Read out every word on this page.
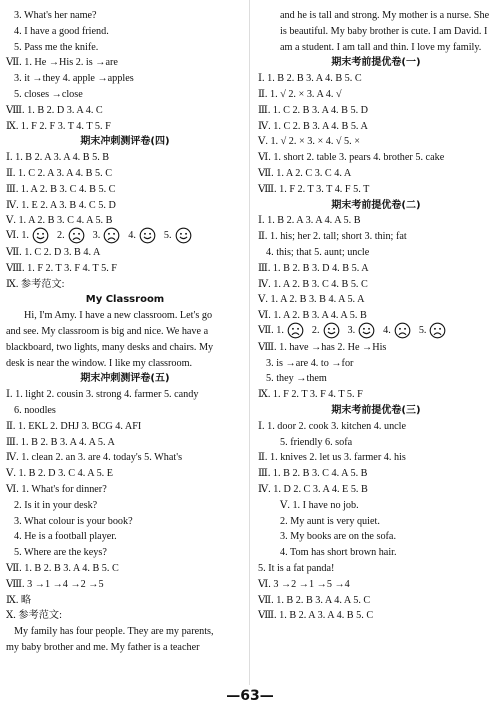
3. What's her name?
4. I have a good friend.
5. Pass me the knife.
Ⅶ. 1. He →His 2. is →are
3. it →they 4. apple →apples
5. closes →close
Ⅷ. 1. B 2. D 3. A 4. C
Ⅸ. 1. F 2. F 3. T 4. T 5. F
期末冲刺测评卷(四)
Ⅰ. 1. B 2. A 3. A 4. B 5. B
Ⅱ. 1. C 2. A 3. A 4. B 5. C
Ⅲ. 1. A 2. B 3. C 4. B 5. C
Ⅳ. 1. E 2. A 3. B 4. C 5. D
Ⅴ. 1. A 2. B 3. C 4. A 5. B
Ⅵ. 1.	2.	3.	4.	5.
Ⅶ. 1. C 2. D 3. B 4. A
Ⅷ. 1. F 2. T 3. F 4. T 5. F
Ⅸ. 参考范文:
My Classroom
Hi, I'm Amy. I have a new classroom. Let's go
and see. My classroom is big and nice. We have a
blackboard, two lights, many desks and chairs. My
desk is near the window. I like my classroom.
期末冲刺测评卷(五)
Ⅰ. 1. light 2. cousin 3. strong 4. farmer 5. candy
6. noodles
Ⅱ. 1. EKL 2. DHJ 3. BCG 4. AFI
Ⅲ. 1. B 2. B 3. A 4. A 5. A
Ⅳ. 1. clean 2. an 3. are 4. today's 5. What's
Ⅴ. 1. B 2. D 3. C 4. A 5. E
Ⅵ. 1. What's for dinner?
2. Is it in your desk?
3. What colour is your book?
4. He is a football player.
5. Where are the keys?
Ⅶ. 1. B 2. B 3. A 4. B 5. C
Ⅷ. 3 →1 →4 →2 →5
Ⅸ. 略
Ⅹ. 参考范文:
My family has four people. They are my parents,
my baby brother and me. My father is a teacher
and he is tall and strong. My mother is a nurse. She
is beautiful. My baby brother is cute. I am David. I
am a student. I am tall and thin. I love my family.
期末考前提优卷(一)
Ⅰ. 1. B 2. B 3. A 4. B 5. C
Ⅱ. 1. √ 2. × 3. A 4. √
Ⅲ. 1. C 2. B 3. A 4. B 5. D
Ⅳ. 1. C 2. B 3. A 4. B 5. A
Ⅴ. 1. √ 2. × 3. × 4. √ 5. ×
Ⅵ. 1. short 2. table 3. pears 4. brother 5. cake
Ⅶ. 1. A 2. C 3. C 4. A
Ⅷ. 1. F 2. T 3. T 4. F 5. T
期末考前提优卷(二)
Ⅰ. 1. B 2. A 3. A 4. A 5. B
Ⅱ. 1. his; her 2. tall; short 3. thin; fat
4. this; that 5. aunt; uncle
Ⅲ. 1. B 2. B 3. D 4. B 5. A
Ⅳ. 1. A 2. B 3. C 4. B 5. C
Ⅴ. 1. A 2. B 3. B 4. A 5. A
Ⅵ. 1. A 2. B 3. A 4. A 5. B
Ⅶ. 1.	2.	3.	4.	5.
Ⅷ. 1. have →has 2. He →His
3. is →are 4. to →for
5. they →them
Ⅸ. 1. F 2. T 3. F 4. T 5. F
期末考前提优卷(三)
Ⅰ. 1. door 2. cook 3. kitchen 4. uncle
5. friendly 6. sofa
Ⅱ. 1. knives 2. let us 3. farmer 4. his
Ⅲ. 1. B 2. B 3. C 4. A 5. B
Ⅳ. 1. D 2. C 3. A 4. E 5. B
Ⅴ. 1. I have no job.
2. My aunt is very quiet.
3. My books are on the sofa.
4. Tom has short brown hair.
5. It is a fat panda!
Ⅵ. 3 →2 →1 →5 →4
Ⅶ. 1. B 2. B 3. A 4. A 5. C
Ⅷ. 1. B 2. A 3. A 4. B 5. C
—63—
